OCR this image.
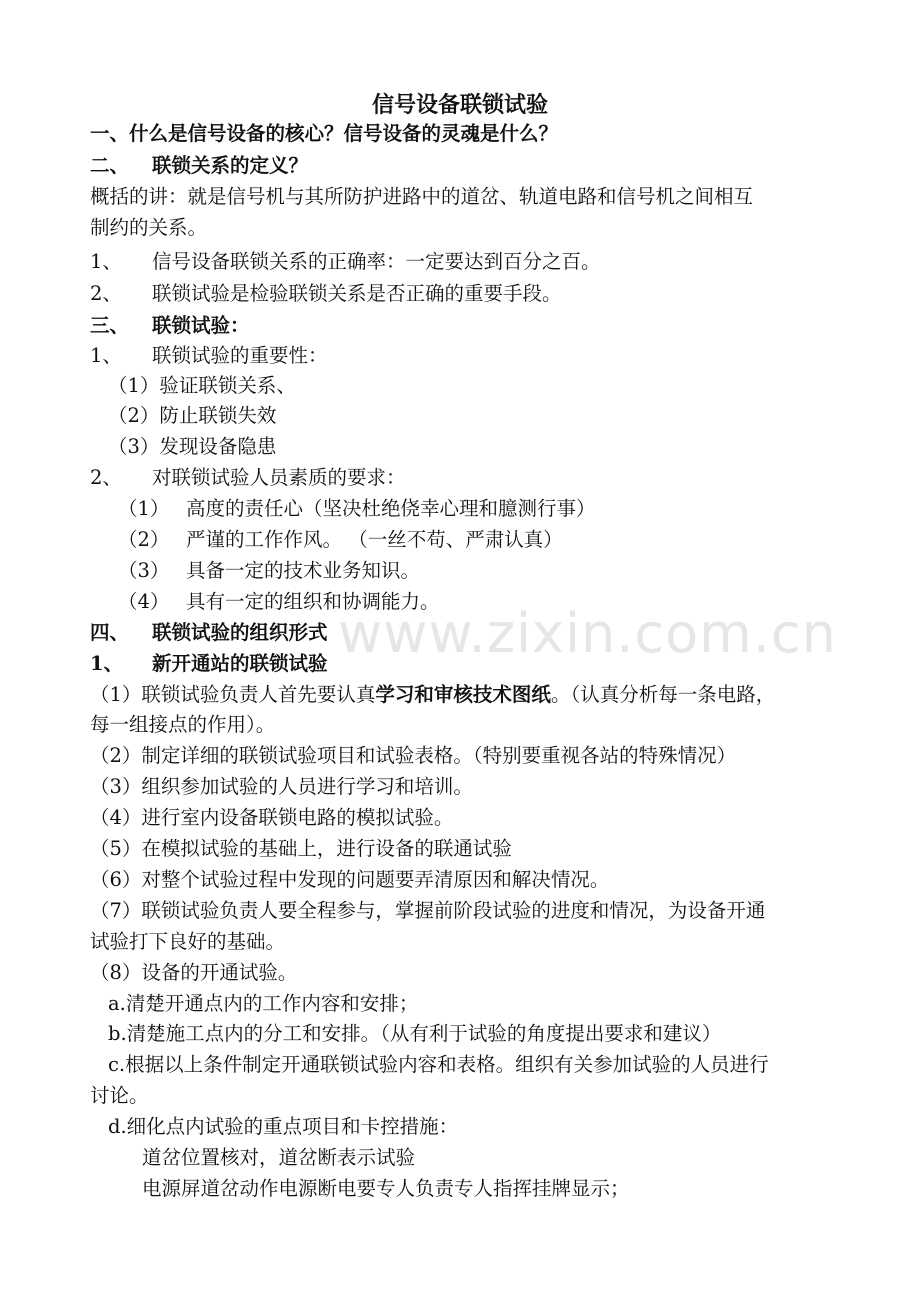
www.zixin.com.cn
信号设备联锁试验
一、什么是信号设备的核心？信号设备的灵魂是什么？
二、 联锁关系的定义？
概括的讲：就是信号机与其所防护进路中的道岔、轨道电路和信号机之间相互
制约的关系。
1、 信号设备联锁关系的正确率：一定要达到百分之百。
2、 联锁试验是检验联锁关系是否正确的重要手段。
三、 联锁试验：
1、 联锁试验的重要性：
（1）验证联锁关系、
（2）防止联锁失效
（3）发现设备隐患
2、 对联锁试验人员素质的要求：
（1） 高度的责任心（坚决杜绝侥幸心理和臆测行事）
（2） 严谨的工作作风。 （一丝不苟、严肃认真）
（3） 具备一定的技术业务知识。
（4） 具有一定的组织和协调能力。
四、 联锁试验的组织形式
1、 新开通站的联锁试验
（1）联锁试验负责人首先要认真学习和审核技术图纸。（认真分析每一条电路，
每一组接点的作用）。
（2）制定详细的联锁试验项目和试验表格。（特别要重视各站的特殊情况）
（3）组织参加试验的人员进行学习和培训。
（4）进行室内设备联锁电路的模拟试验。
（5）在模拟试验的基础上，进行设备的联通试验
（6）对整个试验过程中发现的问题要弄清原因和解决情况。
（7）联锁试验负责人要全程参与，掌握前阶段试验的进度和情况，为设备开通
试验打下良好的基础。
（8）设备的开通试验。
a.清楚开通点内的工作内容和安排；
b.清楚施工点内的分工和安排。（从有利于试验的角度提出要求和建议）
c.根据以上条件制定开通联锁试验内容和表格。组织有关参加试验的人员进行
讨论。
d.细化点内试验的重点项目和卡控措施：
道岔位置核对，道岔断表示试验
电源屏道岔动作电源断电要专人负责专人指挥挂牌显示；
